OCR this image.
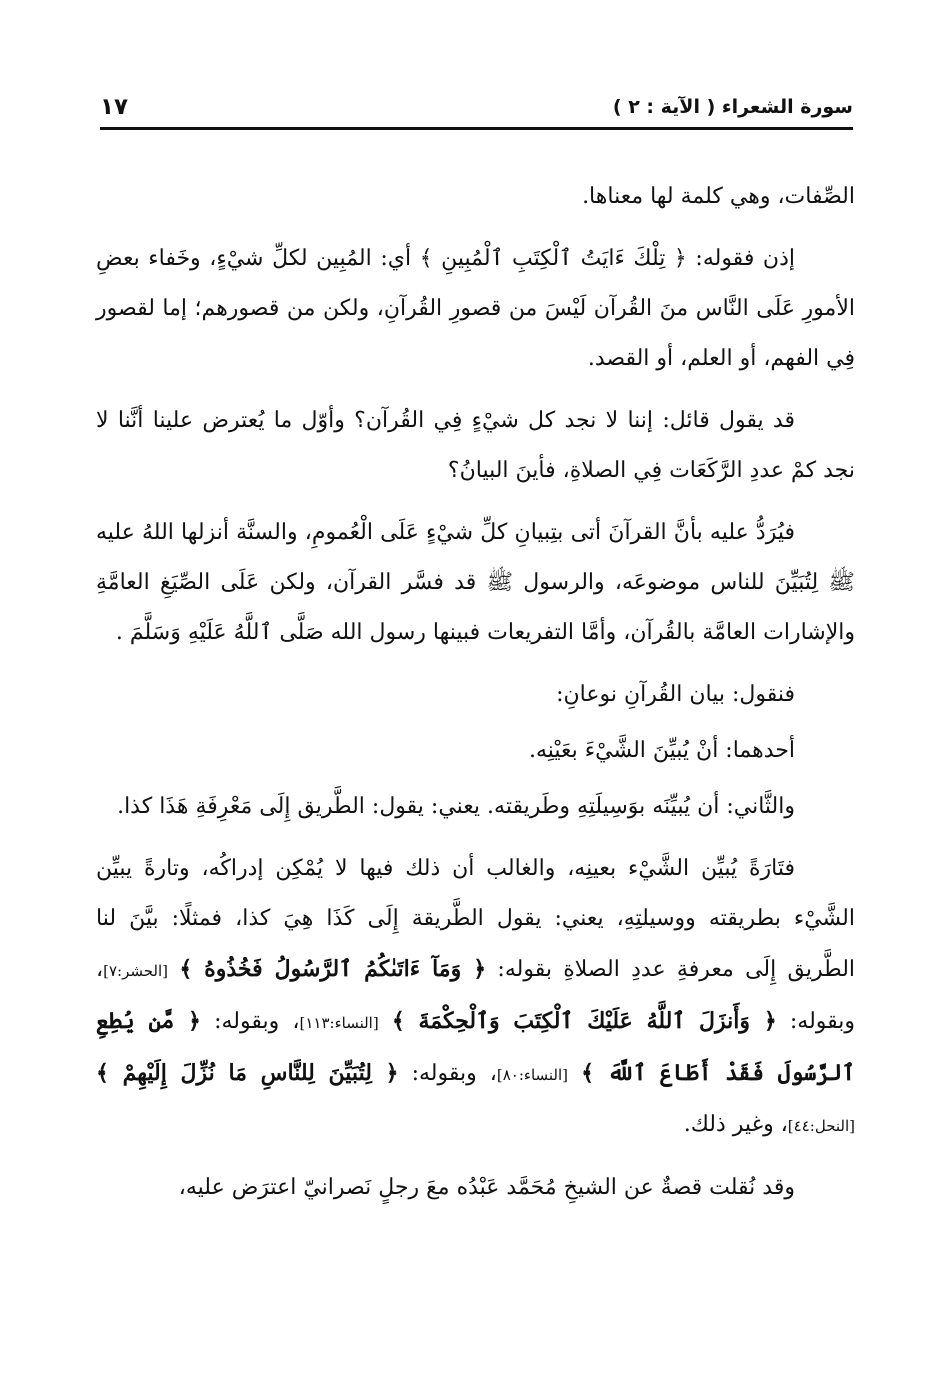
سورة الشعراء ( الآية : ٢ )
١٧

الصِّفات، وهي كلمة لها معناها.

إذن فقوله: ﴿ تِلْكَ ءَايَتُ ٱلْكِتَبِ ٱلْمُبِينِ ﴾ أي: المُبِين لكلِّ شيْءٍ، وخَفاء بعضِ الأمورِ عَلَى النَّاس منَ القُرآن لَيْسَ من قصورِ القُرآنِ، ولكن من قصورهم؛ إما لقصور فِي الفهم، أو العلم، أو القصد.

قد يقول قائل: إننا لا نجد كل شيْءٍ فِي القُرآن؟ وأوّل ما يُعترض علينا أنَّنا لا نجد كمْ عددِ الرَّكَعَات فِي الصلاةِ، فأينَ البيانُ؟

فيُرَدُّ عليه بأنَّ القرآنَ أتى بتِبيانِ كلِّ شيْءٍ عَلَى الْعُمومِ، والسنَّة أنزلها اللهُ عليه ﷺ لِتُبَيِّنَ للناس موضوعَه، والرسول ﷺ قد فسَّر القرآن، ولكن عَلَى الصِّيَغِ العامَّةِ والإشارات العامَّة بالقُرآن، وأمَّا التفريعات فبينها رسول الله صَلَّى ٱللَّهُ عَلَيْهِ وَسَلَّمَ .

فنقول: بيان القُرآنِ نوعانِ:

أحدهما: أنْ يُبيِّنَ الشَّيْءَ بعَيْنِه.

والثَّاني: أن يُبيِّنَه بوَسِيلَتِهِ وطَريقته. يعني: يقول: الطَّريق إِلَى مَعْرِفَةِ هَذَا كذا.

فتَارَةً يُبيِّن الشَّيْء بعينِه، والغالب أن ذلك فيها لا يُمْكِن إدراكُه، وتارةً يبيِّن الشَّيْء بطريقته ووسيلتِهِ، يعني: يقول الطَّريقة إِلَى كَذَا هِيَ كذا، فمثلًا: بيَّنَ لنا الطَّريق إِلَى معرفةِ عددِ الصلاةِ بقوله: ﴿ وَمَآ ءَاتَىٰكُمُ ٱلرَّسُولُ فَخُذُوهُ ﴾ [الحشر:٧]، وبقوله: ﴿ وَأَنزَلَ ٱللَّهُ عَلَيْكَ ٱلْكِتَبَ وَٱلْحِكْمَةَ ﴾ [النساء:١١٣]، وبقوله: ﴿ مَّن يُطِعِ ٱلرَّسُولَ فَقَدْ أَطَاعَ ٱللَّهَ ﴾ [النساء:٨٠]، وبقوله: ﴿ لِتُبَيِّنَ لِلنَّاسِ مَا نُزِّلَ إِلَيْهِمْ ﴾ [النحل:٤٤]، وغير ذلك.

وقد نُقلت قصةٌ عن الشيخِ مُحَمَّد عَبْدُه معَ رجلٍ نَصرانيّ اعترَض عليه،
